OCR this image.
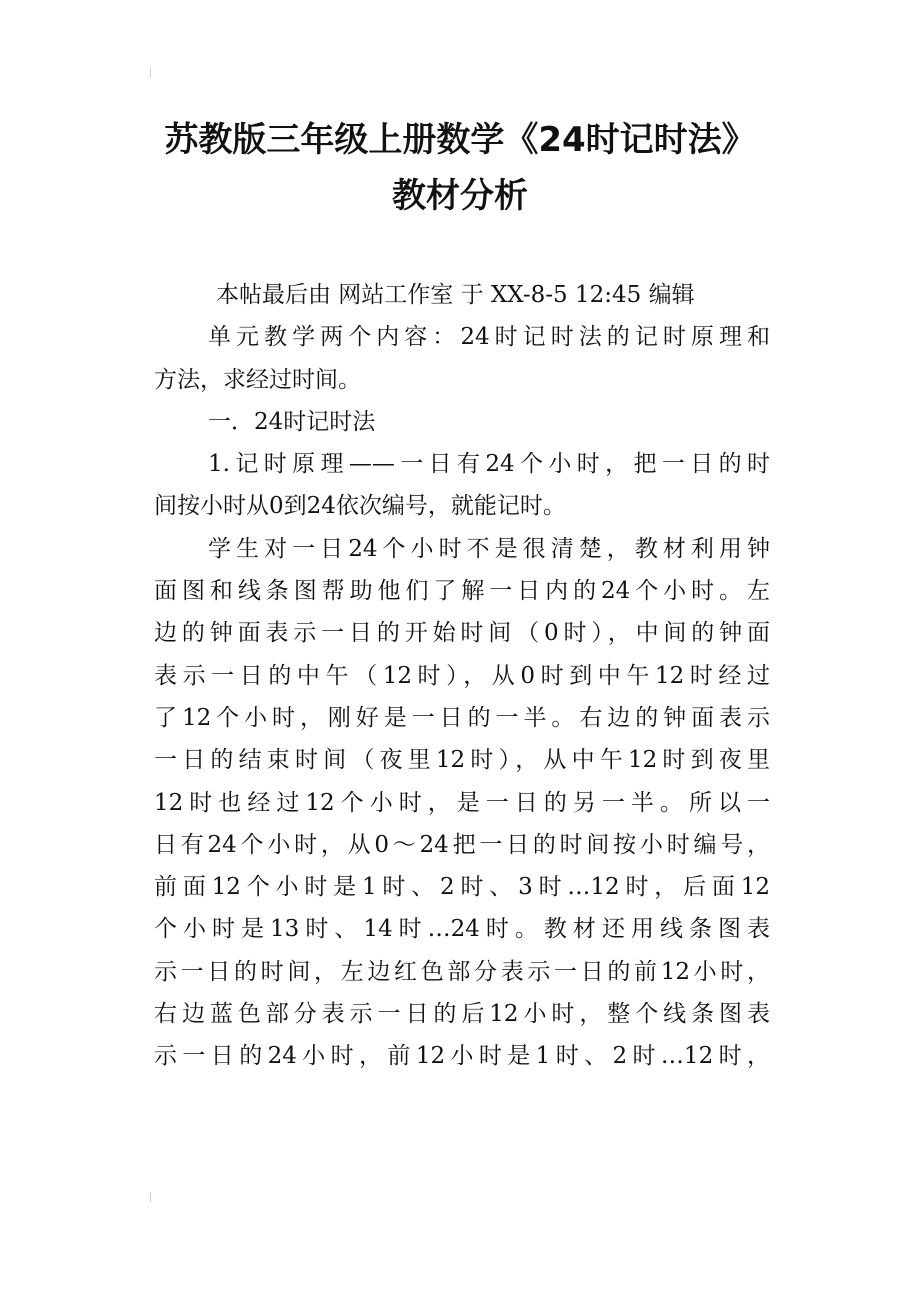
苏教版三年级上册数学《24时记时法》
教材分析
本帖最后由 网站工作室 于 XX-8-5 12:45 编辑
单元教学两个内容：24时记时法的记时原理和
方法，求经过时间。
一．24时记时法
1.记时原理——一日有24个小时，把一日的时
间按小时从0到24依次编号，就能记时。
学生对一日24个小时不是很清楚，教材利用钟
面图和线条图帮助他们了解一日内的24个小时。左
边的钟面表示一日的开始时间（0时），中间的钟面
表示一日的中午（12时），从0时到中午12时经过
了12个小时，刚好是一日的一半。右边的钟面表示
一日的结束时间（夜里12时），从中午12时到夜里
12时也经过12个小时，是一日的另一半。所以一
日有24个小时，从0～24把一日的时间按小时编号，
前面12个小时是1时、2时、3时…12时，后面12
个小时是13时、14时…24时。教材还用线条图表
示一日的时间，左边红色部分表示一日的前12小时，
右边蓝色部分表示一日的后12小时，整个线条图表
示一日的24小时，前12小时是1时、2时…12时，
